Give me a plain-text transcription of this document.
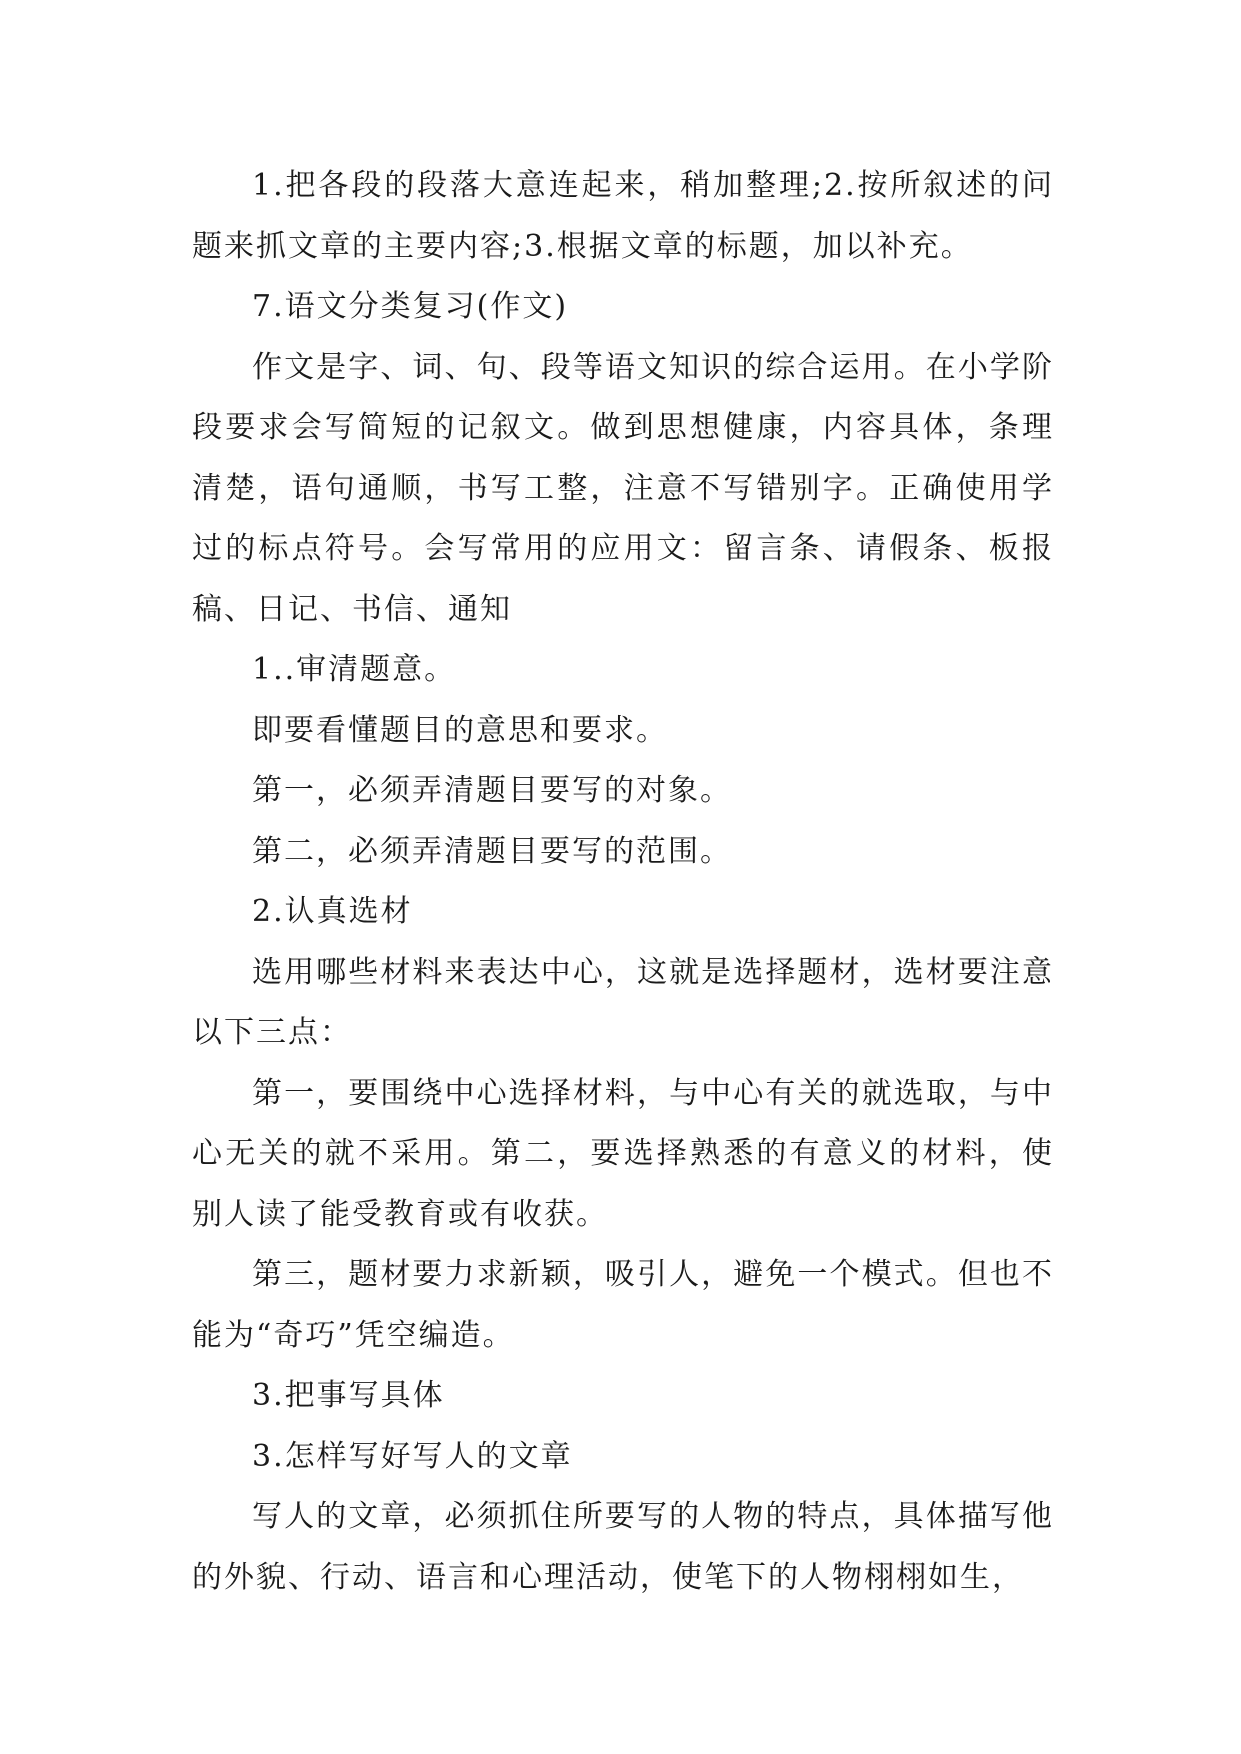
1.把各段的段落大意连起来，稍加整理;2.按所叙述的问题来抓文章的主要内容;3.根据文章的标题，加以补充。

7.语文分类复习(作文)

作文是字、词、句、段等语文知识的综合运用。在小学阶段要求会写简短的记叙文。做到思想健康，内容具体，条理清楚，语句通顺，书写工整，注意不写错别字。正确使用学过的标点符号。会写常用的应用文：留言条、请假条、板报稿、日记、书信、通知

1..审清题意。

即要看懂题目的意思和要求。

第一，必须弄清题目要写的对象。

第二，必须弄清题目要写的范围。

2.认真选材

选用哪些材料来表达中心，这就是选择题材，选材要注意以下三点：

第一，要围绕中心选择材料，与中心有关的就选取，与中心无关的就不采用。第二，要选择熟悉的有意义的材料，使别人读了能受教育或有收获。

第三，题材要力求新颖，吸引人，避免一个模式。但也不能为“奇巧”凭空编造。

3.把事写具体

3.怎样写好写人的文章

写人的文章，必须抓住所要写的人物的特点，具体描写他的外貌、行动、语言和心理活动，使笔下的人物栩栩如生，
